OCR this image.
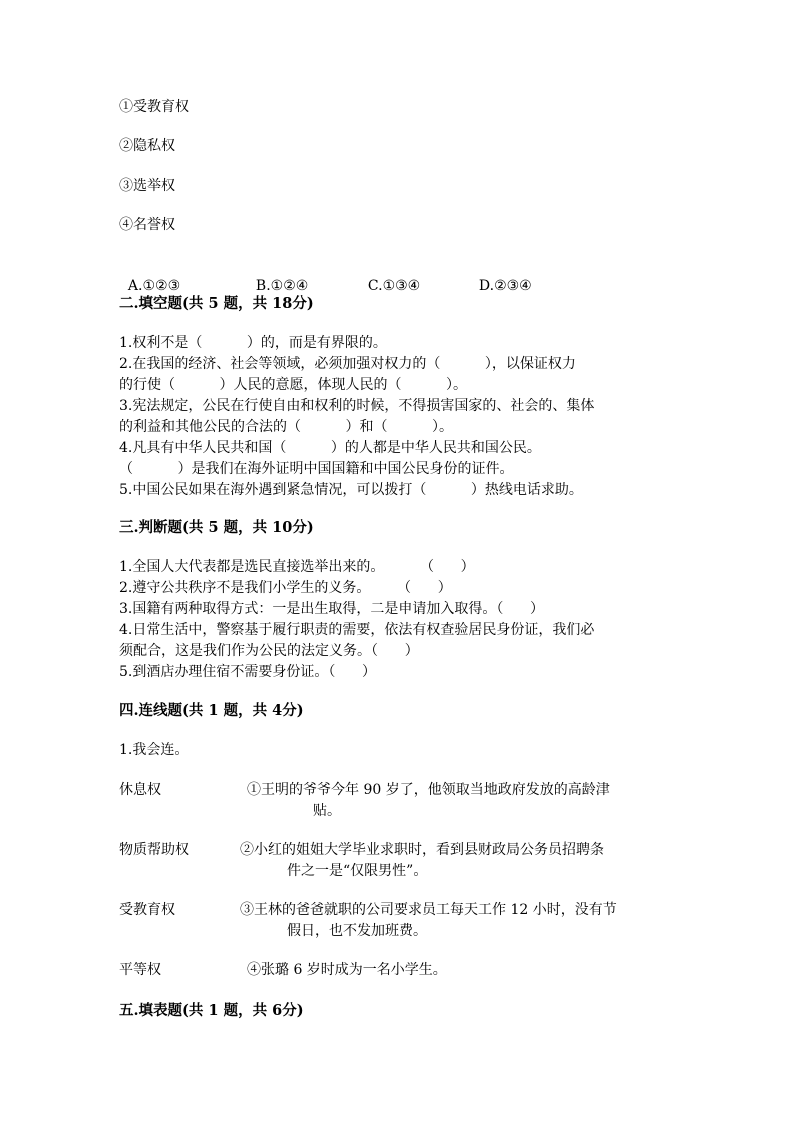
①受教育权
②隐私权
③选举权
④名誉权

A.①②③	B.①②④	C.①③④	D.②③④

二.填空题(共 5 题，共 18分)
1.权利不是（          ）的，而是有界限的。
2.在我国的经济、社会等领域，必须加强对权力的（          ），以保证权力
的行使（          ）人民的意愿，体现人民的（          ）。
3.宪法规定，公民在行使自由和权利的时候，不得损害国家的、社会的、集体
的利益和其他公民的合法的（          ）和（          ）。
4.凡具有中华人民共和国（          ）的人都是中华人民共和国公民。
（          ）是我们在海外证明中国国籍和中国公民身份的证件。
5.中国公民如果在海外遇到紧急情况，可以拨打（          ）热线电话求助。
三.判断题(共 5 题，共 10分)
1.全国人大代表都是选民直接选举出来的。        （      ）
2.遵守公共秩序不是我们小学生的义务。      （      ）
3.国籍有两种取得方式：一是出生取得，二是申请加入取得。（      ）
4.日常生活中，警察基于履行职责的需要，依法有权查验居民身份证，我们必
须配合，这是我们作为公民的法定义务。（      ）
5.到酒店办理住宿不需要身份证。（      ）
四.连线题(共 1 题，共 4分)
1.我会连。
休息权	①王明的爷爷今年 90 岁了，他领取当地政府发放的高龄津
贴。
物质帮助权	②小红的姐姐大学毕业求职时，看到县财政局公务员招聘条
件之一是“仅限男性”。
受教育权	③王林的爸爸就职的公司要求员工每天工作 12 小时，没有节
假日，也不发加班费。
平等权	④张璐 6 岁时成为一名小学生。
五.填表题(共 1 题，共 6分)
